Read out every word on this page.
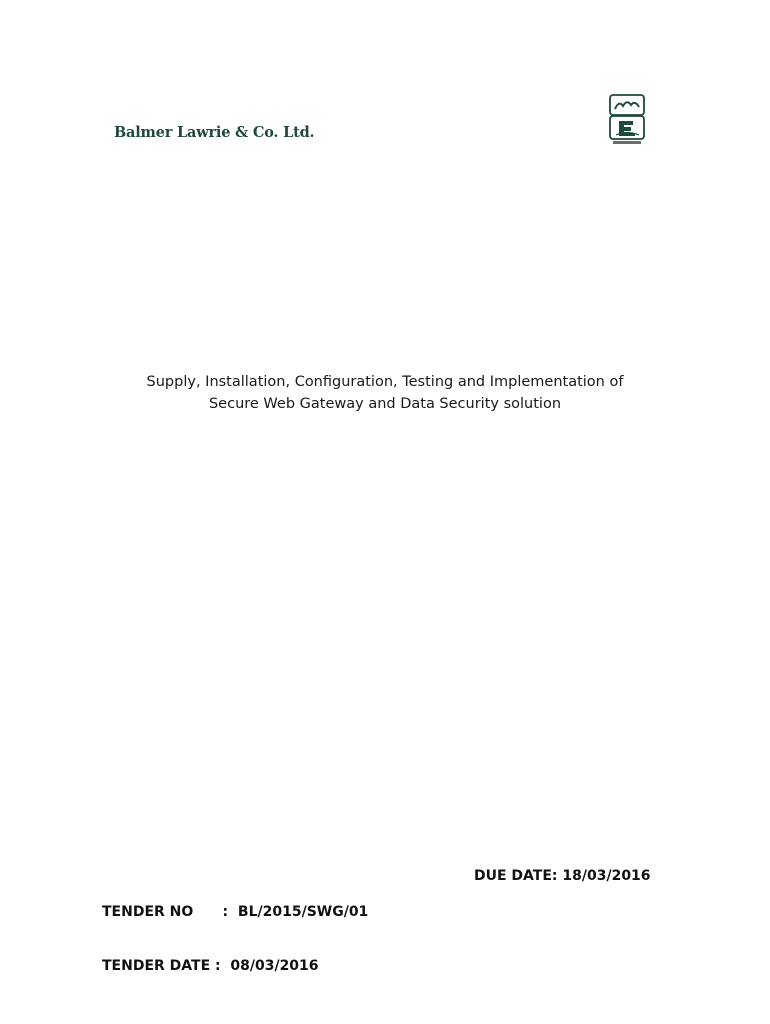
Balmer Lawrie & Co. Ltd.
Supply, Installation, Configuration, Testing and Implementation of
Secure Web Gateway and Data Security solution

TENDER NO : BL/2015/SWG/01

TENDER DATE : 08/03/2016

DUE DATE: 18/03/2016
